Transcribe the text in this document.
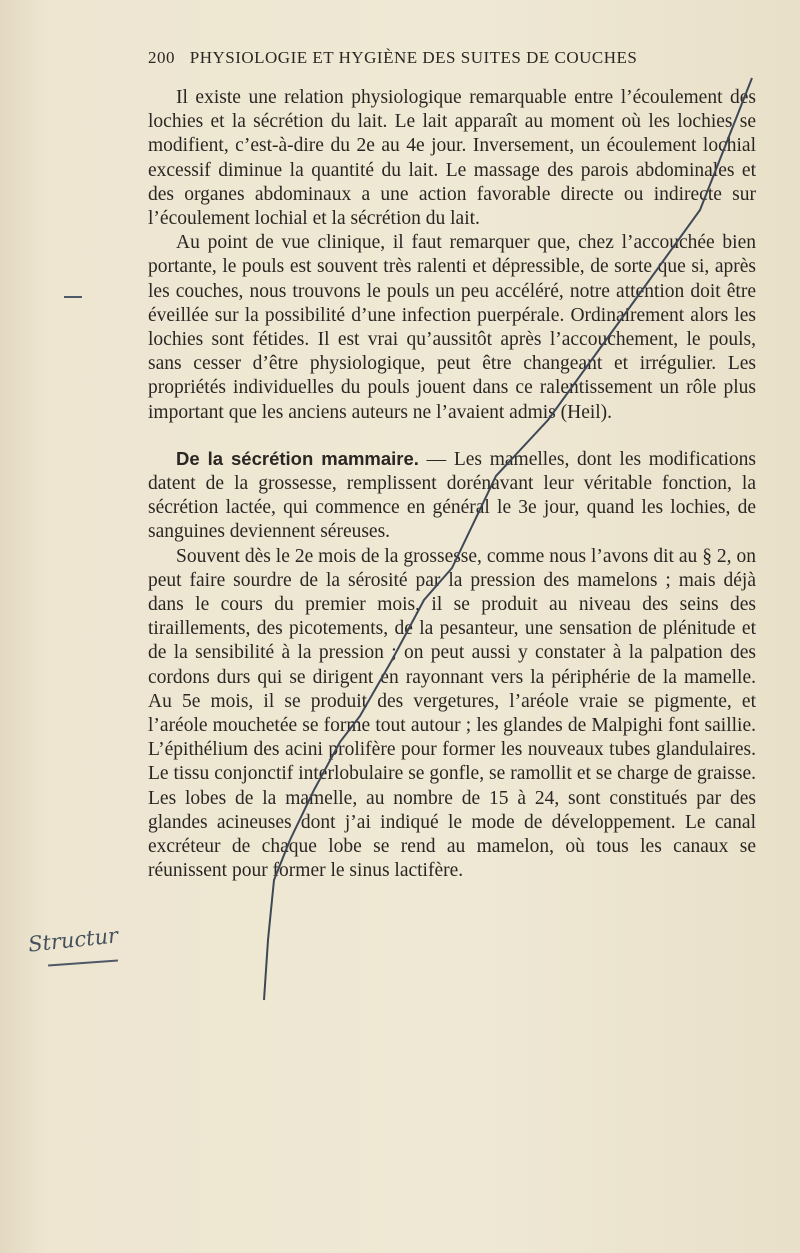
200 PHYSIOLOGIE ET HYGIÈNE DES SUITES DE COUCHES

Il existe une relation physiologique remarquable entre l’écoulement des lochies et la sécrétion du lait. Le lait apparaît au moment où les lochies se modifient, c’est-à-dire du 2e au 4e jour. Inversement, un écoulement lochial excessif diminue la quantité du lait. Le massage des parois abdominales et des organes abdominaux a une action favorable directe ou indirecte sur l’écoulement lochial et la sécrétion du lait.

Au point de vue clinique, il faut remarquer que, chez l’accouchée bien portante, le pouls est souvent très ralenti et dépressible, de sorte que si, après les couches, nous trouvons le pouls un peu accéléré, notre attention doit être éveillée sur la possibilité d’une infection puerpérale. Ordinairement alors les lochies sont fétides. Il est vrai qu’aussitôt après l’accouchement, le pouls, sans cesser d’être physiologique, peut être changeant et irrégulier. Les propriétés individuelles du pouls jouent dans ce ralentissement un rôle plus important que les anciens auteurs ne l’avaient admis (Heil).

De la sécrétion mammaire. — Les mamelles, dont les modifications datent de la grossesse, remplissent dorénavant leur véritable fonction, la sécrétion lactée, qui commence en général le 3e jour, quand les lochies, de sanguines deviennent séreuses.

Souvent dès le 2e mois de la grossesse, comme nous l’avons dit au § 2, on peut faire sourdre de la sérosité par la pression des mamelons ; mais déjà dans le cours du premier mois, il se produit au niveau des seins des tiraillements, des picotements, de la pesanteur, une sensation de plénitude et de la sensibilité à la pression ; on peut aussi y constater à la palpation des cordons durs qui se dirigent en rayonnant vers la périphérie de la mamelle. Au 5e mois, il se produit des vergetures, l’aréole vraie se pigmente, et l’aréole mouchetée se forme tout autour ; les glandes de Malpighi font saillie. L’épithélium des acini prolifère pour former les nouveaux tubes glandulaires. Le tissu conjonctif interlobulaire se gonfle, se ramollit et se charge de graisse. Les lobes de la mamelle, au nombre de 15 à 24, sont constitués par des glandes acineuses dont j’ai indiqué le mode de développement. Le canal excréteur de chaque lobe se rend au mamelon, où tous les canaux se réunissent pour former le sinus lactifère.

Structur
